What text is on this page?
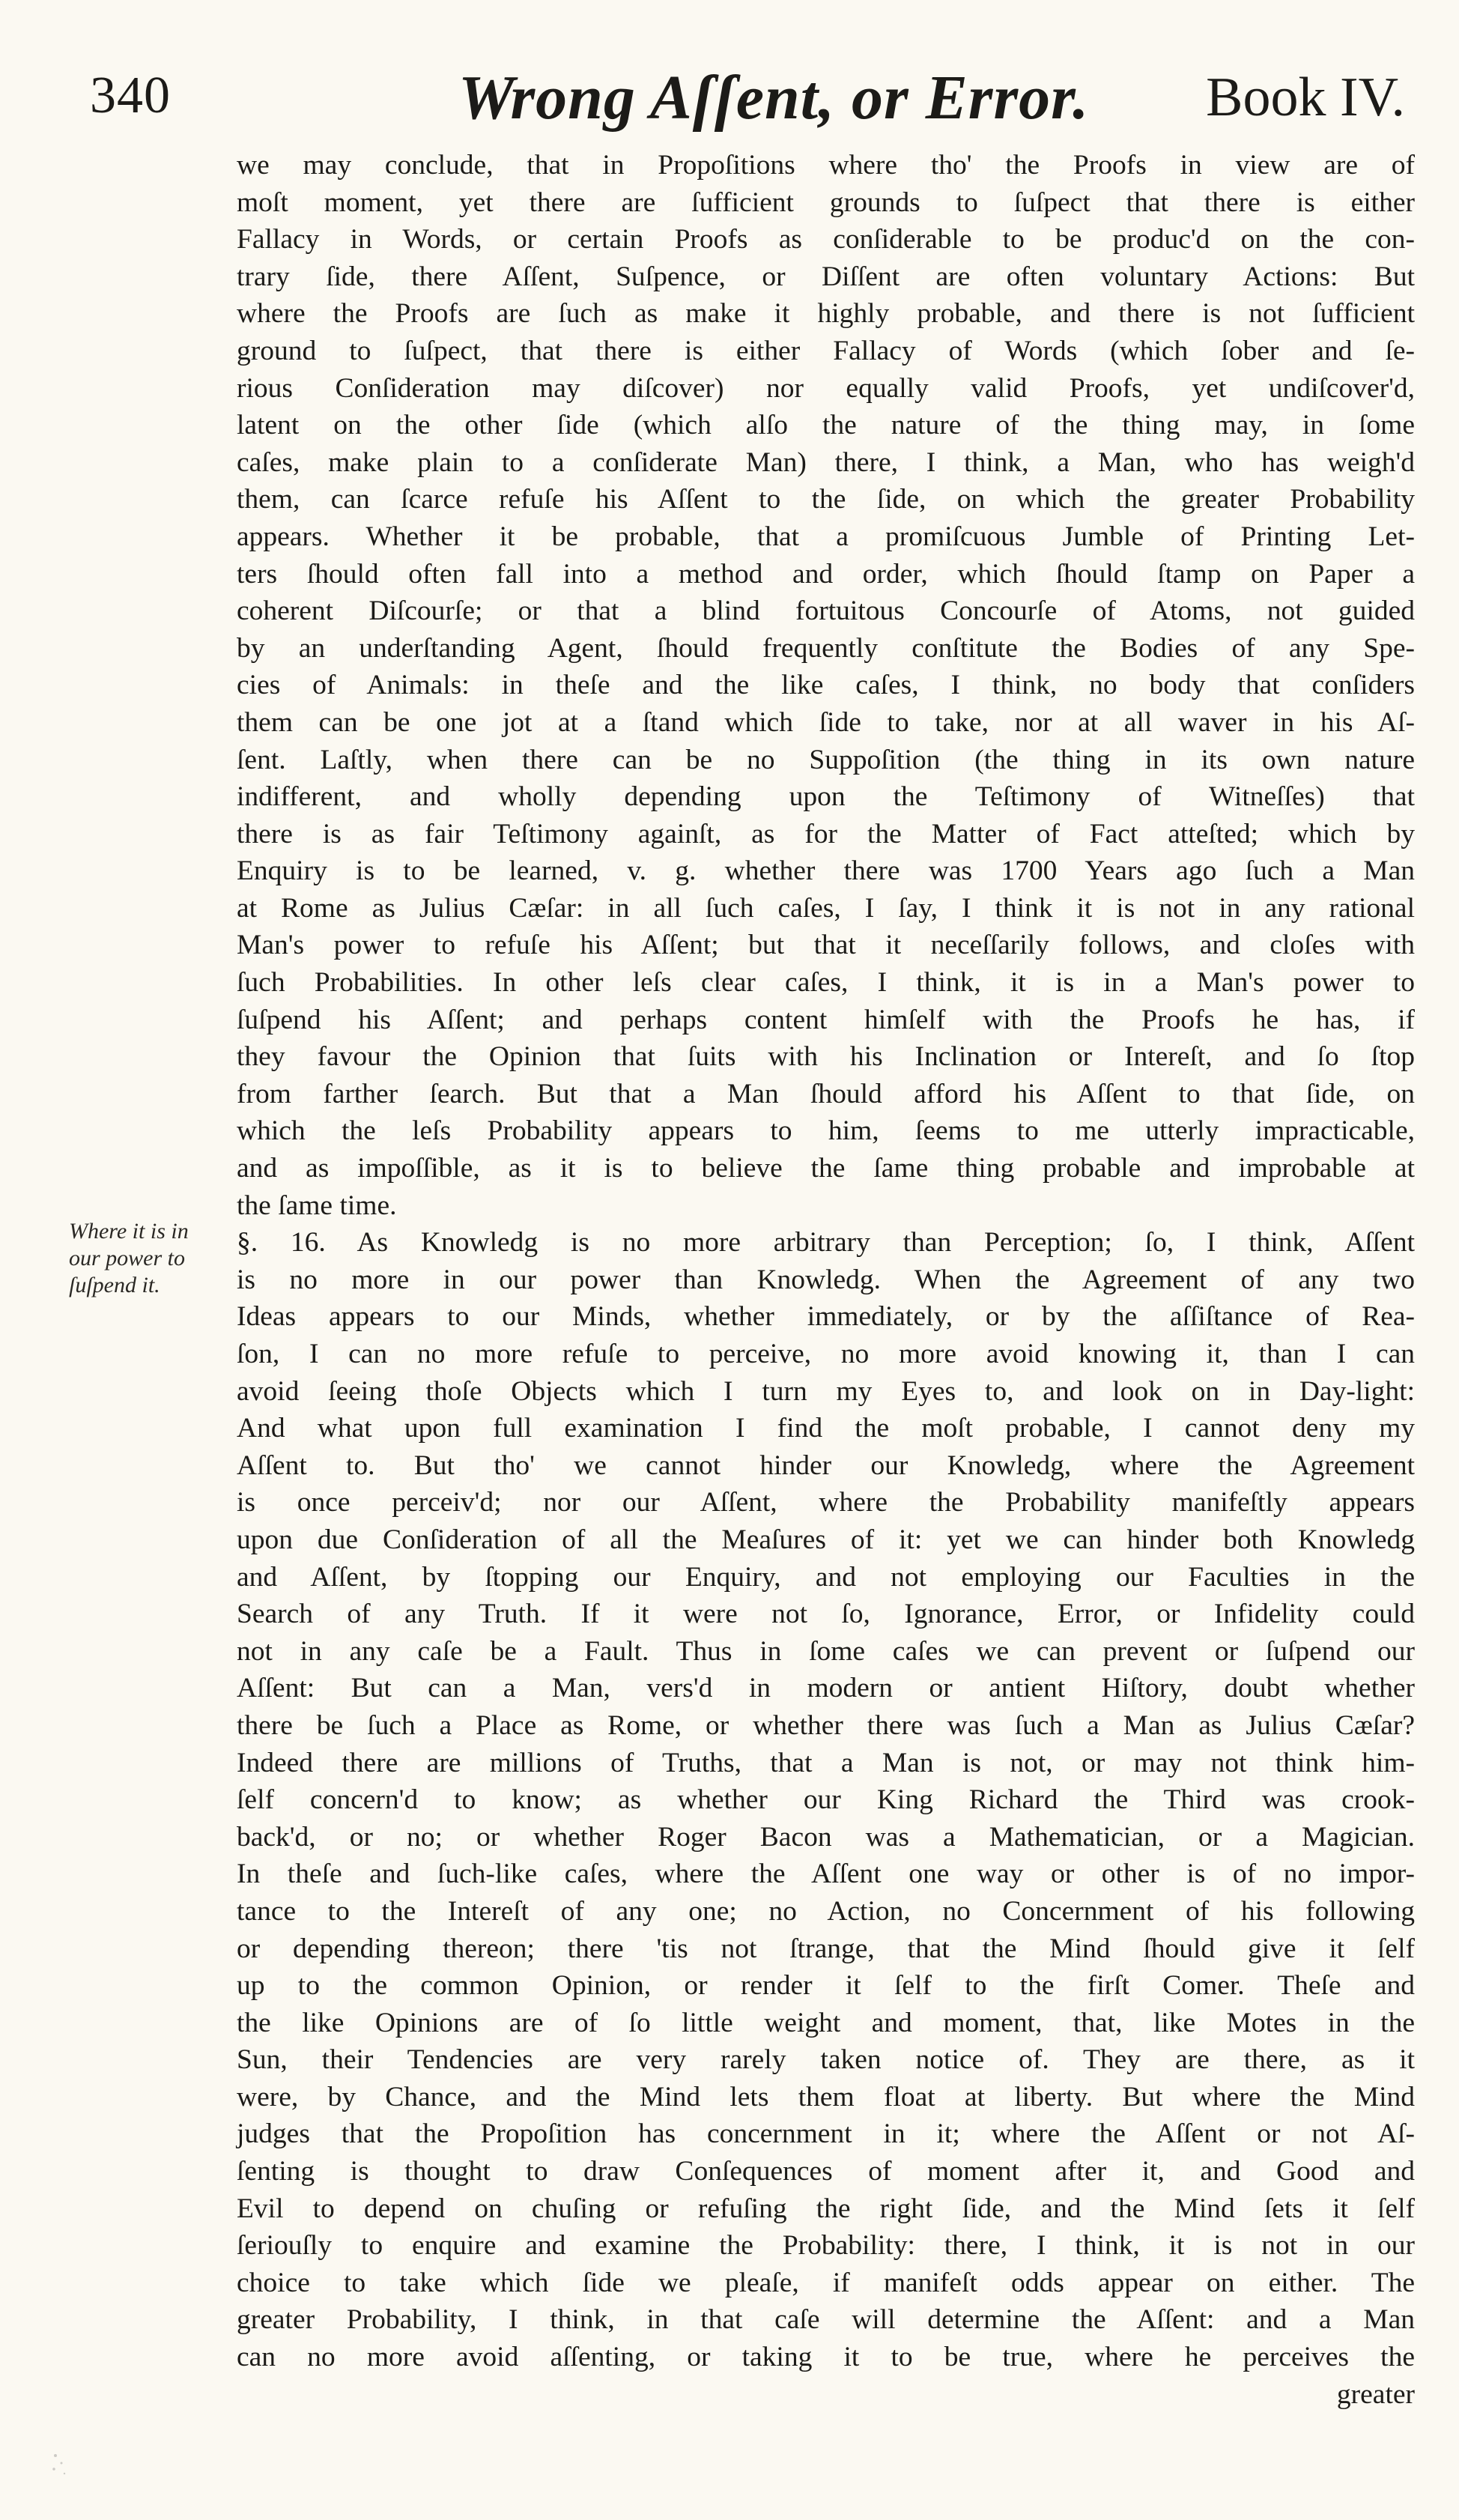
340	Wrong Aſſent, or Error. Book IV.
Where it is in
our power to
ſuſpend it.
we may conclude, that in Propoſitions where tho' the Proofs in view are of
moſt moment, yet there are ſufficient grounds to ſuſpect that there is either
Fallacy in Words, or certain Proofs as conſiderable to be produc'd on the con-
trary ſide, there Aſſent, Suſpence, or Diſſent are often voluntary Actions: But
where the Proofs are ſuch as make it highly probable, and there is not ſufficient
ground to ſuſpect, that there is either Fallacy of Words (which ſober and ſe-
rious Conſideration may diſcover) nor equally valid Proofs, yet undiſcover'd,
latent on the other ſide (which alſo the nature of the thing may, in ſome
caſes, make plain to a conſiderate Man) there, I think, a Man, who has weigh'd
them, can ſcarce refuſe his Aſſent to the ſide, on which the greater Probability
appears. Whether it be probable, that a promiſcuous Jumble of Printing Let-
ters ſhould often fall into a method and order, which ſhould ſtamp on Paper a
coherent Diſcourſe; or that a blind fortuitous Concourſe of Atoms, not guided
by an underſtanding Agent, ſhould frequently conſtitute the Bodies of any Spe-
cies of Animals: in theſe and the like caſes, I think, no body that conſiders
them can be one jot at a ſtand which ſide to take, nor at all waver in his Aſ-
ſent. Laſtly, when there can be no Suppoſition (the thing in its own nature
indifferent, and wholly depending upon the Teſtimony of Witneſſes) that
there is as fair Teſtimony againſt, as for the Matter of Fact atteſted; which by
Enquiry is to be learned, v. g. whether there was 1700 Years ago ſuch a Man
at Rome as Julius Cæſar: in all ſuch caſes, I ſay, I think it is not in any rational
Man's power to refuſe his Aſſent; but that it neceſſarily follows, and cloſes with
ſuch Probabilities. In other leſs clear caſes, I think, it is in a Man's power to
ſuſpend his Aſſent; and perhaps content himſelf with the Proofs he has, if
they favour the Opinion that ſuits with his Inclination or Intereſt, and ſo ſtop
from farther ſearch. But that a Man ſhould afford his Aſſent to that ſide, on
which the leſs Probability appears to him, ſeems to me utterly impracticable,
and as impoſſible, as it is to believe the ſame thing probable and improbable at
the ſame time.
§. 16. As Knowledg is no more arbitrary than Perception; ſo, I think, Aſſent
is no more in our power than Knowledg. When the Agreement of any two
Ideas appears to our Minds, whether immediately, or by the aſſiſtance of Rea-
ſon, I can no more refuſe to perceive, no more avoid knowing it, than I can
avoid ſeeing thoſe Objects which I turn my Eyes to, and look on in Day-light:
And what upon full examination I find the moſt probable, I cannot deny my
Aſſent to. But tho' we cannot hinder our Knowledg, where the Agreement
is once perceiv'd; nor our Aſſent, where the Probability manifeſtly appears
upon due Conſideration of all the Meaſures of it: yet we can hinder both Knowledg
and Aſſent, by ſtopping our Enquiry, and not employing our Faculties in the
Search of any Truth. If it were not ſo, Ignorance, Error, or Infidelity could
not in any caſe be a Fault. Thus in ſome caſes we can prevent or ſuſpend our
Aſſent: But can a Man, vers'd in modern or antient Hiſtory, doubt whether
there be ſuch a Place as Rome, or whether there was ſuch a Man as Julius Cæſar?
Indeed there are millions of Truths, that a Man is not, or may not think him-
ſelf concern'd to know; as whether our King Richard the Third was crook-
back'd, or no; or whether Roger Bacon was a Mathematician, or a Magician.
In theſe and ſuch-like caſes, where the Aſſent one way or other is of no impor-
tance to the Intereſt of any one; no Action, no Concernment of his following
or depending thereon; there 'tis not ſtrange, that the Mind ſhould give it ſelf
up to the common Opinion, or render it ſelf to the firſt Comer. Theſe and
the like Opinions are of ſo little weight and moment, that, like Motes in the
Sun, their Tendencies are very rarely taken notice of. They are there, as it
were, by Chance, and the Mind lets them float at liberty. But where the Mind
judges that the Propoſition has concernment in it; where the Aſſent or not Aſ-
ſenting is thought to draw Conſequences of moment after it, and Good and
Evil to depend on chuſing or refuſing the right ſide, and the Mind ſets it ſelf
ſeriouſly to enquire and examine the Probability: there, I think, it is not in our
choice to take which ſide we pleaſe, if manifeſt odds appear on either. The
greater Probability, I think, in that caſe will determine the Aſſent: and a Man
can no more avoid aſſenting, or taking it to be true, where he perceives the
greater
